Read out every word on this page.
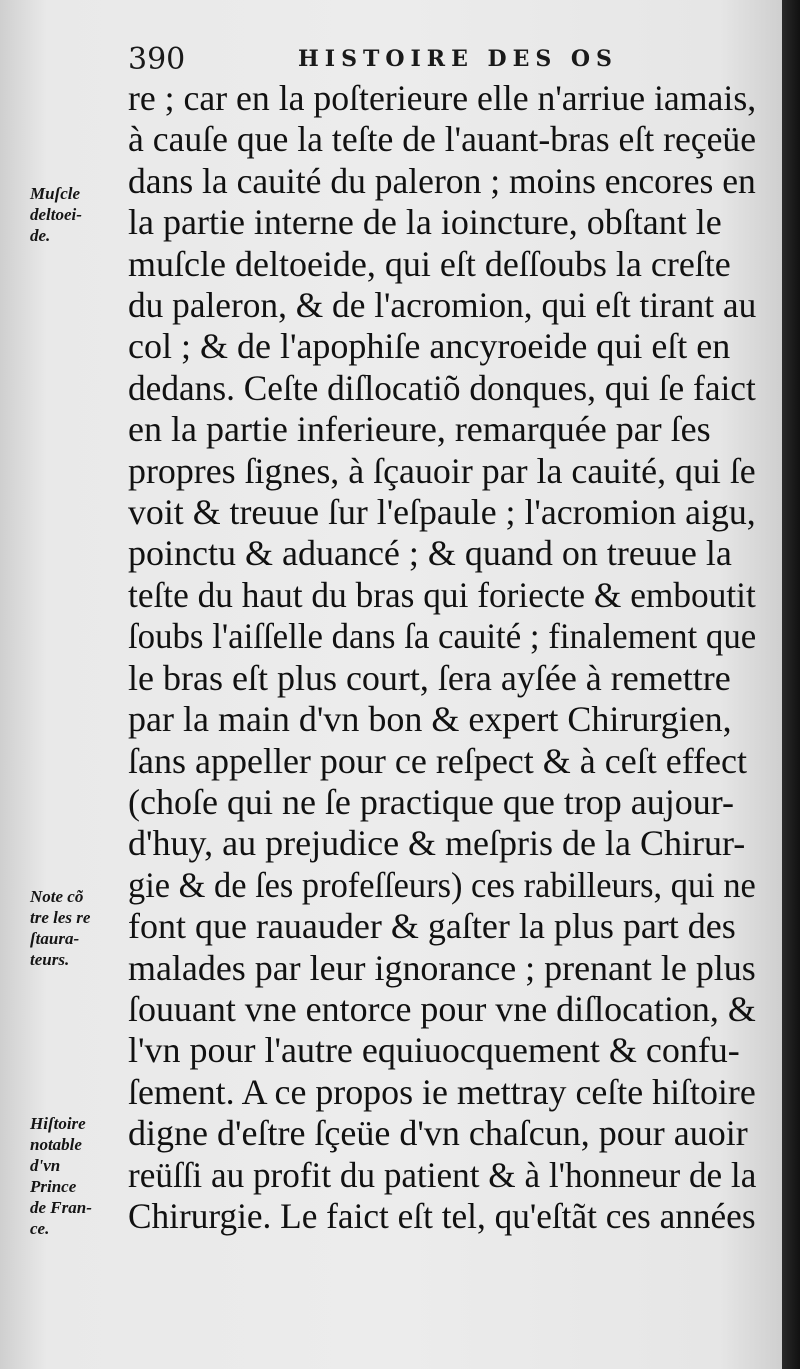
390	HISTOIRE DES OS
Muſcle
deltoei-
de.
Note cõ
tre les re
ſtaura-
teurs.
Hiſtoire
notable
d'vn
Prince
de Fran-
ce.
re ; car en la poſterieure elle n'arriue iamais,
à cauſe que la teſte de l'auant-bras eſt reçeüe
dans la cauité du paleron ; moins encores en
la partie interne de la ioincture, obſtant le
muſcle deltoeide, qui eſt deſſoubs la creſte
du paleron, & de l'acromion, qui eſt tirant au
col ; & de l'apophiſe ancyroeide qui eſt en
dedans. Ceſte diſlocatiõ donques, qui ſe faict
en la partie inferieure, remarquée par ſes
propres ſignes, à ſçauoir par la cauité, qui ſe
voit & treuue ſur l'eſpaule ; l'acromion aigu,
poinctu & aduancé ; & quand on treuue la
teſte du haut du bras qui foriecte & emboutit
ſoubs l'aiſſelle dans ſa cauité ; finalement que
le bras eſt plus court, ſera ayſée à remettre
par la main d'vn bon & expert Chirurgien,
ſans appeller pour ce reſpect & à ceſt effect
(choſe qui ne ſe practique que trop aujour-
d'huy, au prejudice & meſpris de la Chirur-
gie & de ſes profeſſeurs) ces rabilleurs, qui ne
font que rauauder & gaſter la plus part des
malades par leur ignorance ; prenant le plus
ſouuant vne entorce pour vne diſlocation, &
l'vn pour l'autre equiuocquement & confu-
ſement. A ce propos ie mettray ceſte hiſtoire
digne d'eſtre ſçeüe d'vn chaſcun, pour auoir
reüſſi au profit du patient & à l'honneur de la
Chirurgie. Le faict eſt tel, qu'eſtãt ces années
